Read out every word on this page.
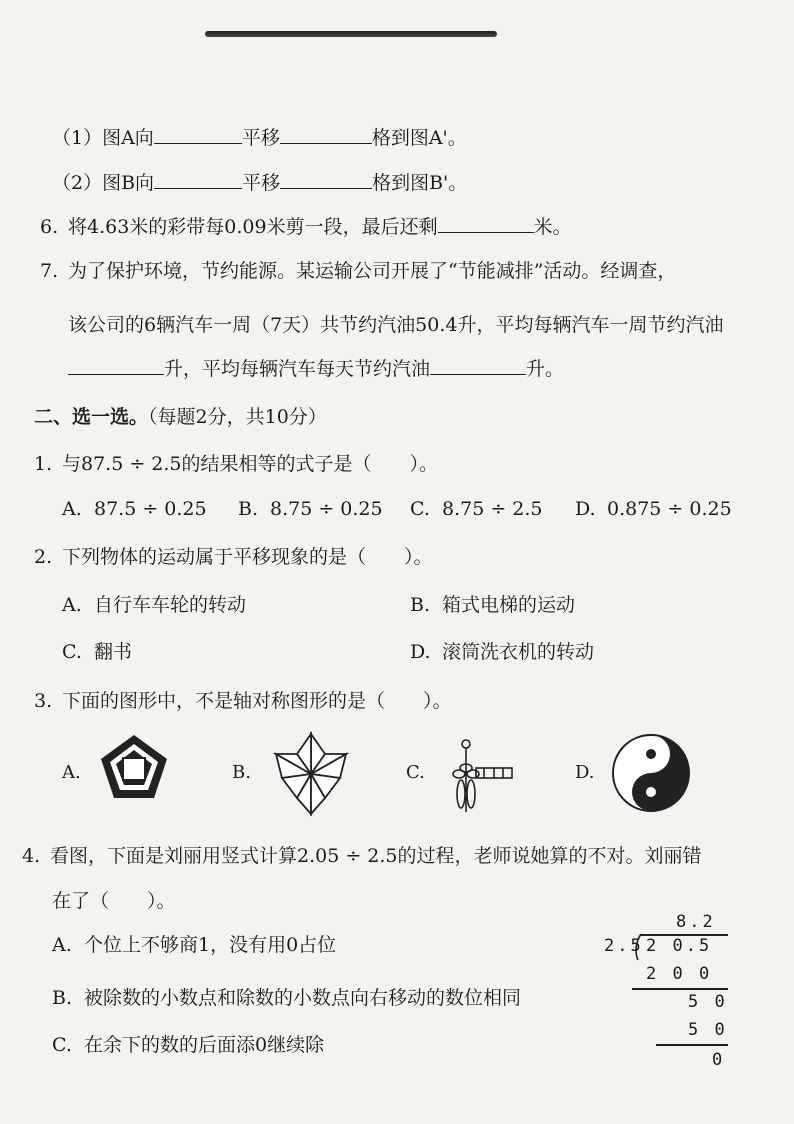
（1）图A向	平移	格到图A'。
（2）图B向	平移	格到图B'。
6. 将4.63米的彩带每0.09米剪一段，最后还剩	米。
7. 为了保护环境，节约能源。某运输公司开展了“节能减排”活动。经调查，
该公司的6辆汽车一周（7天）共节约汽油50.4升，平均每辆汽车一周节约汽油
升，平均每辆汽车每天节约汽油	升。
二、选一选。（每题2分，共10分）
1. 与87.5 ÷ 2.5的结果相等的式子是（　　）。
A. 87.5 ÷ 0.25 B. 8.75 ÷ 0.25 C. 8.75 ÷ 2.5 D. 0.875 ÷ 0.25
2. 下列物体的运动属于平移现象的是（　　）。
A. 自行车车轮的转动	B. 箱式电梯的运动
C. 翻书	D. 滚筒洗衣机的转动
3. 下面的图形中，不是轴对称图形的是（　　）。
A.	B.	C.	D.
4. 看图，下面是刘丽用竖式计算2.05 ÷ 2.5的过程，老师说她算的不对。刘丽错
在了（　　）。
A. 个位上不够商1，没有用0占位
B. 被除数的小数点和除数的小数点向右移动的数位相同
C. 在余下的数的后面添0继续除
8.2
2.5 2 0.5
2 0 0
5 0
5 0
0
